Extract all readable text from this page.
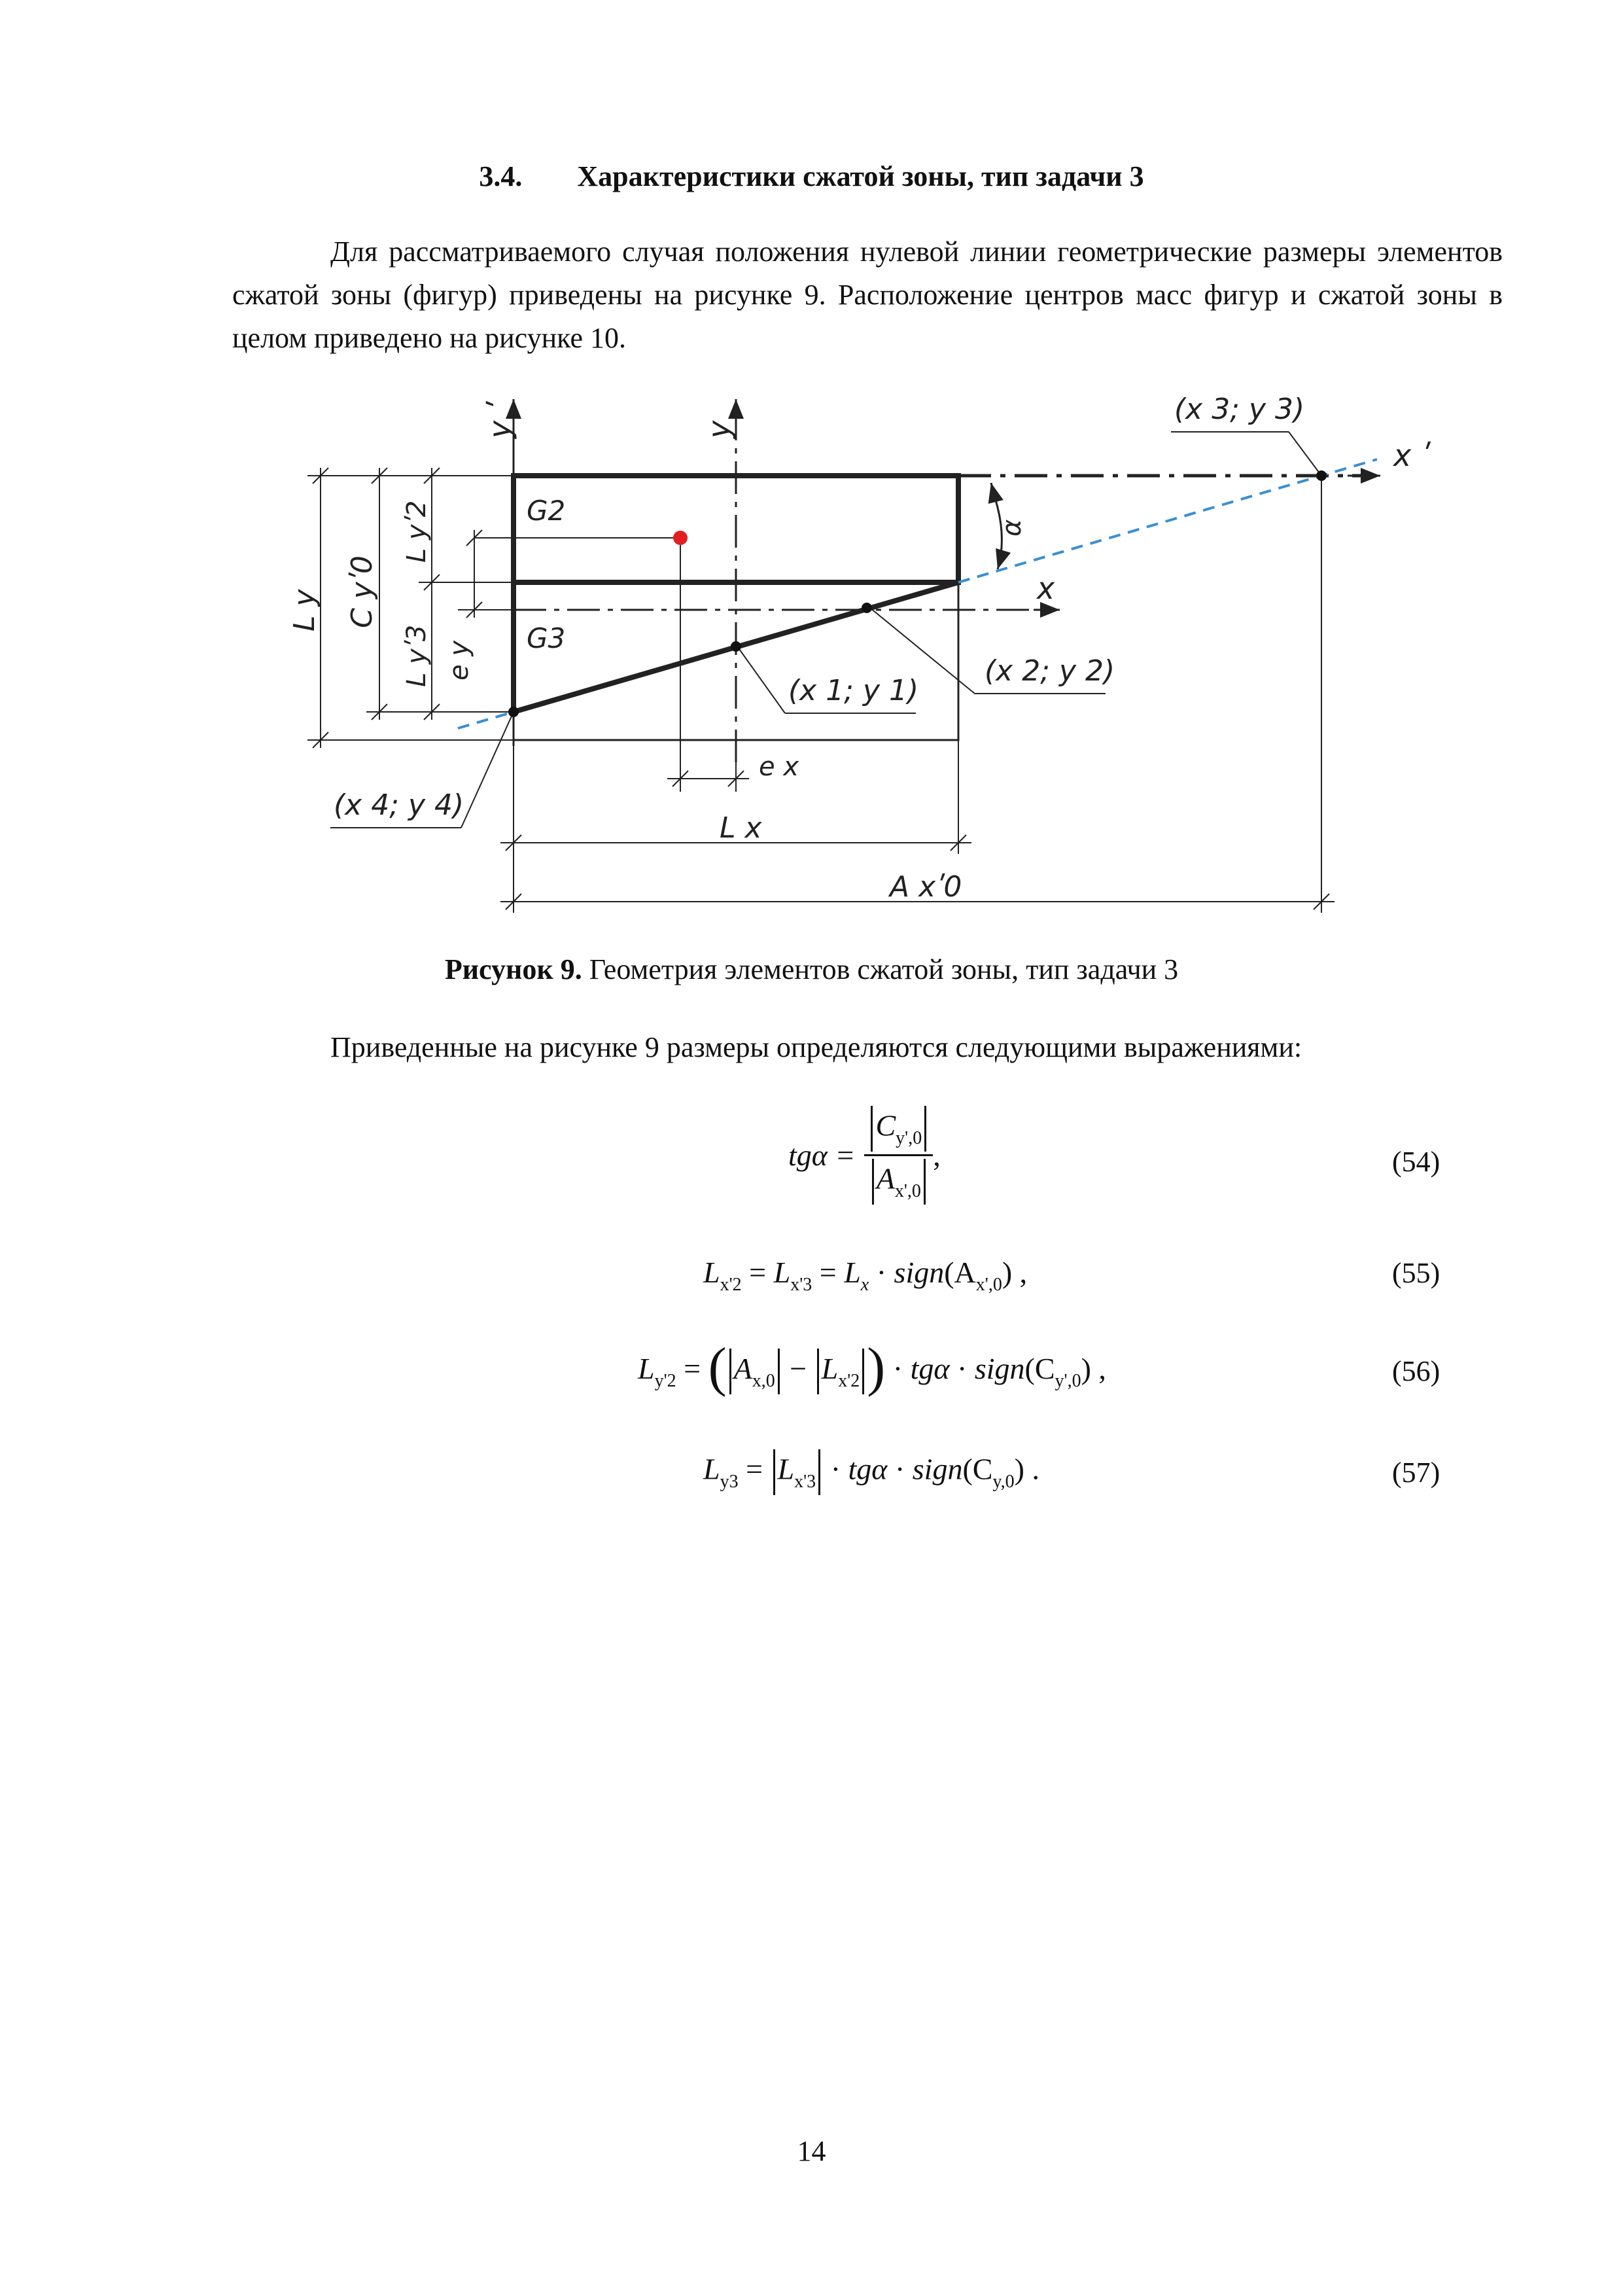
3.4. Характеристики сжатой зоны, тип задачи 3
Для рассматриваемого случая положения нулевой линии геометрические размеры элементов сжатой зоны (фигур) приведены на рисунке 9. Расположение центров масс фигур и сжатой зоны в целом приведено на рисунке 10.
G2
G3
x
x ʹ
y ʹ	y
α
(x 1; y 1)
(x 2; y 2)
(x 3; y 3)
(x 4; y 4)
L y C yʹ0
L yʹ2
L yʹ3 e y
e x
L x
A xʹ0
Рисунок 9. Геометрия элементов сжатой зоны, тип задачи 3
Приведенные на рисунке 9 размеры определяются следующими выражениями:
tgα =
$C_{y',0}$
$A_{x',0}$
,	(54)
$L_{x'2} = L_{x'3} = L_x$ · $sign(A_{x',0})$ ,	(55)
$L_{y'2}$ = ( $A_{x,0} - L_{x'2}$ ) · $tg\alpha \cdot sign(C_{y',0})$ ,	(56)
$L_{y3} = L_{x'3} \cdot tg\alpha$ · $sign(C_{y,0})$ .	(57)
14
